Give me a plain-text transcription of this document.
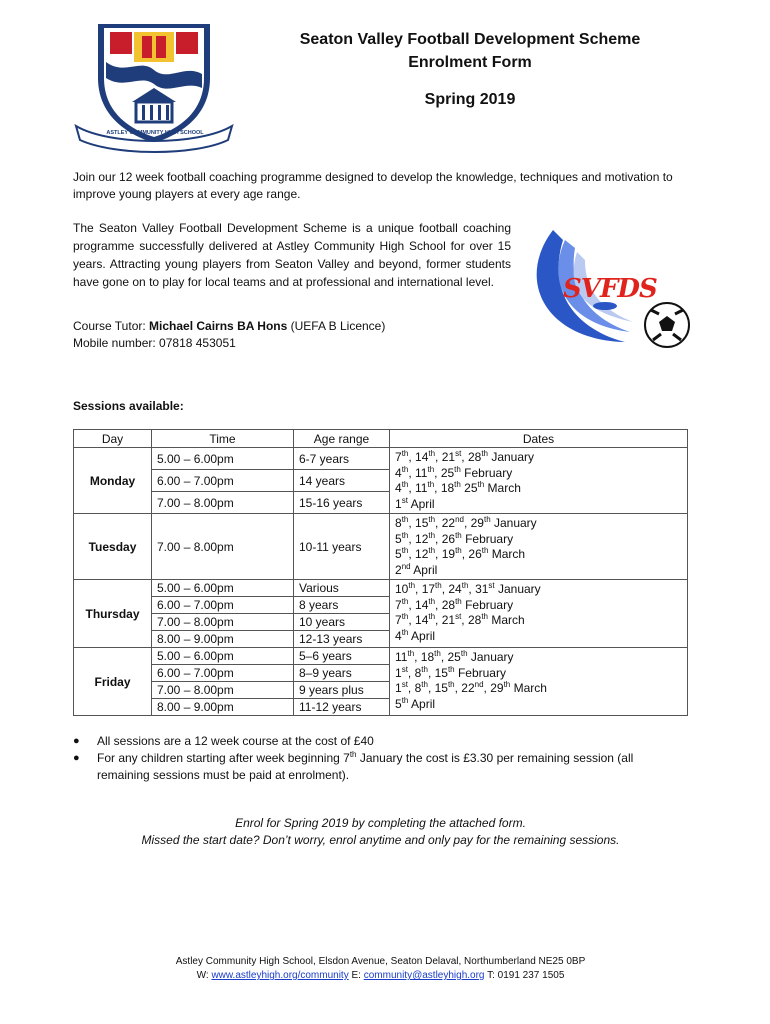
ASTLEY COMMUNITY HIGH SCHOOL
Seaton Valley Football Development Scheme
Enrolment Form
Spring 2019
Join our 12 week football coaching programme designed to develop the knowledge, techniques and motivation to improve young players at every age range.
The Seaton Valley Football Development Scheme is a unique football coaching programme successfully delivered at Astley Community High School for over 15 years. Attracting young players from Seaton Valley and beyond, former students have gone on to play for local teams and at professional and international level.	SVFDS
Course Tutor: Michael Cairns BA Hons (UEFA B Licence)
Mobile number: 07818 453051
Sessions available:
Day	Time	Age range	Dates
Monday	5.00 – 6.00pm	6-7 years	7th, 14th, 21st, 28th January
4th, 11th, 25th February
4th, 11th, 18th 25th March
1st April

	6.00 – 7.00pm	14 years	
	7.00 – 8.00pm	15-16 years	
Tuesday	7.00 – 8.00pm	10-11 years	8th, 15th, 22nd, 29th January
5th, 12th, 26th February
5th, 12th, 19th, 26th March
2nd April

Thursday	5.00 – 6.00pm	Various	10th, 17th, 24th, 31st January
7th, 14th, 28th February
7th, 14th, 21st, 28th March
4th April

	6.00 – 7.00pm	8 years	
	7.00 – 8.00pm	10 years	
	8.00 – 9.00pm	12-13 years	
Friday	5.00 – 6.00pm	5–6 years	11th, 18th, 25th January
1st, 8th, 15th February
1st, 8th, 15th, 22nd, 29th March
5th April

	6.00 – 7.00pm	8–9 years	
	7.00 – 8.00pm	9 years plus	
	8.00 – 9.00pm	11-12 years	
●	All sessions are a 12 week course at the cost of £40
●	For any children starting after week beginning 7th January the cost is £3.30 per remaining session (all remaining sessions must be paid at enrolment).
Enrol for Spring 2019 by completing the attached form.
Missed the start date? Don’t worry, enrol anytime and only pay for the remaining sessions.
Astley Community High School, Elsdon Avenue, Seaton Delaval, Northumberland NE25 0BP
W: www.astleyhigh.org/community E: community@astleyhigh.org T: 0191 237 1505
